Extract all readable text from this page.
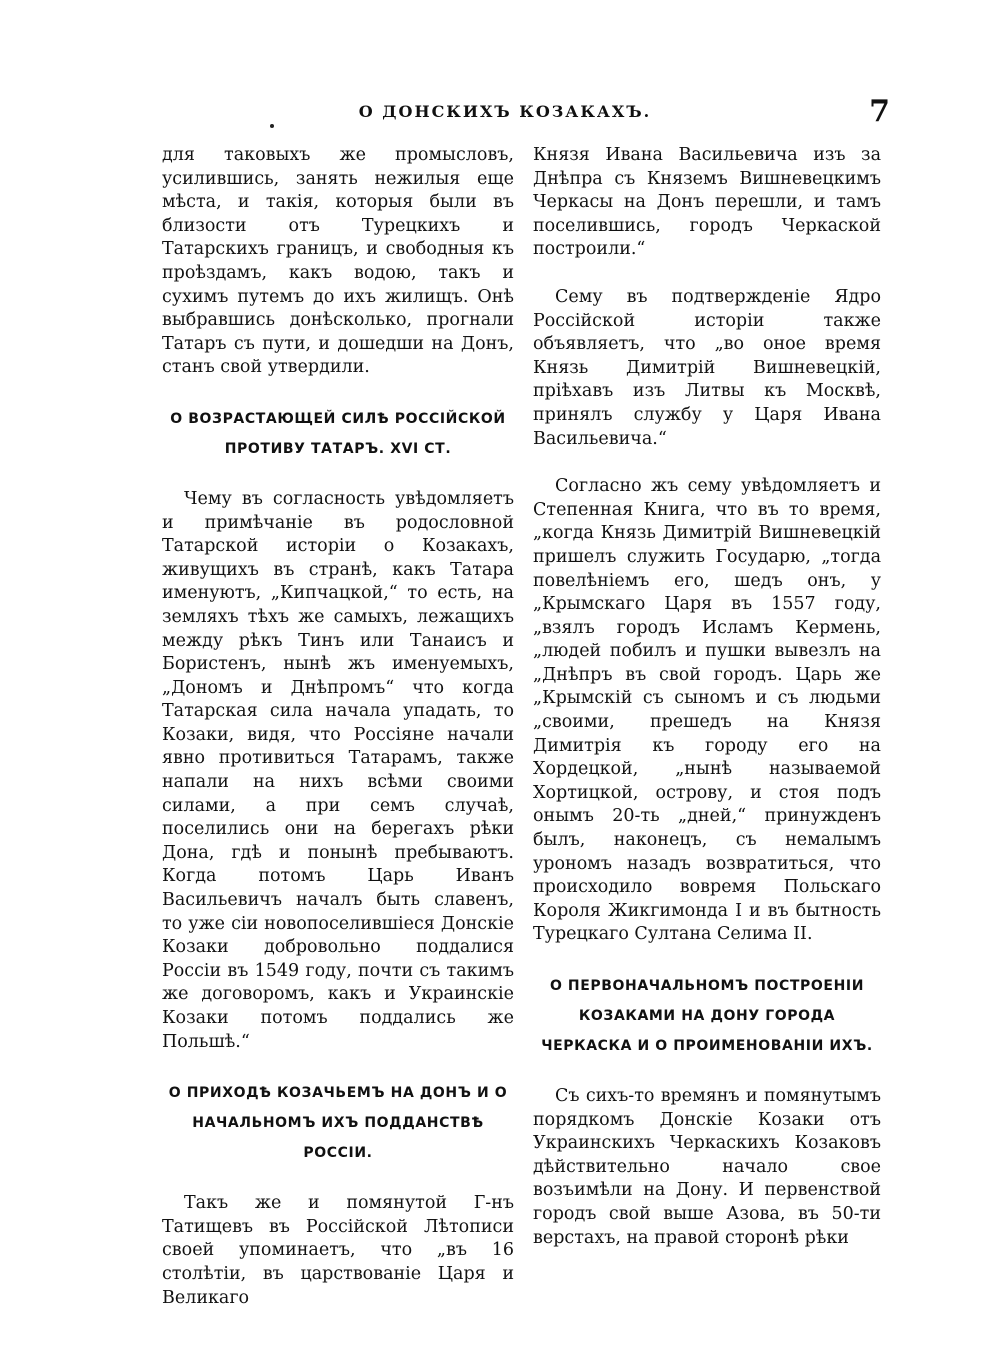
О ДОНСКИХЪ КОЗАКАХЪ.	7

для таковыхъ же промысловъ, усилившись, занять нежилыя еще мѣста, и такія, которыя были въ близости отъ Турецкихъ и Татарскихъ границъ, и свободныя къ проѣздамъ, какъ водою, такъ и сухимъ путемъ до ихъ жилищъ. Онѣ выбравшись донѣсколько, прогнали Татаръ съ пути, и дошедши на Донъ, станъ свой утвердили.

О ВОЗРАСТАЮЩЕЙ СИЛѢ РОССІЙСКОЙ ПРОТИВУ ТАТАРЪ. XVI СТ.

Чему въ согласность увѣдомляетъ и примѣчаніе въ родословной Татарской исторіи о Козакахъ, живущихъ въ странѣ, какъ Татара именуютъ, „Кипчацкой,“ то есть, на земляхъ тѣхъ же самыхъ, лежащихъ между рѣкъ Тинъ или Танаисъ и Бористенъ, нынѣ жъ именуемыхъ, „Дономъ и Днѣпромъ“ что когда Татарская сила начала упадать, то Козаки, видя, что Россіяне начали явно противиться Татарамъ, также напали на нихъ всѣми своими силами, а при семъ случаѣ, поселились они на берегахъ рѣки Дона, гдѣ и понынѣ пребываютъ. Когда потомъ Царь Иванъ Васильевичъ началъ быть славенъ, то уже сіи новопоселившіеся Донскіе Козаки добровольно поддалися Россіи въ 1549 году, почти съ такимъ же договоромъ, какъ и Украинскіе Козаки потомъ поддались же Польшѣ.“

О ПРИХОДѢ КОЗАЧЬЕМЪ НА ДОНЪ И О НАЧАЛЬНОМЪ ИХЪ ПОДДАНСТВѢ РОССІИ.

Такъ же и помянутой Г-нъ Татищевъ въ Россійской Лѣтописи своей упоминаетъ, что „въ 16 столѣтіи, въ царствованіе Царя и Великаго

Князя Ивана Васильевича изъ за Днѣпра съ Княземъ Вишневецкимъ Черкасы на Донъ перешли, и тамъ поселившись, городъ Черкаской построили.“

Сему въ подтвержденіе Ядро Россійской исторіи также объявляетъ, что „во оное время Князь Димитрій Вишневецкій, пріѣхавъ изъ Литвы къ Москвѣ, принялъ службу у Царя Ивана Васильевича.“

Согласно жъ сему увѣдомляетъ и Степенная Книга, что въ то время, „когда Князь Димитрій Вишневецкій пришелъ служить Государю, „тогда повелѣніемъ его, шедъ онъ, у „Крымскаго Царя въ 1557 году, „взялъ городъ Исламъ Кермень, „людей побилъ и пушки вывезлъ на „Днѣпръ въ свой городъ. Царь же „Крымскій съ сыномъ и съ людьми „своими, прешедъ на Князя Димитрія къ городу его на Хордецкой, „нынѣ называемой Хортицкой, острову, и стоя подъ онымъ 20-ть „дней,“ принужденъ былъ, наконецъ, съ немалымъ урономъ назадъ возвратиться, что происходило вовремя Польскаго Короля Жикгимонда I и въ бытность Турецкаго Султана Селима II.

О ПЕРВОНАЧАЛЬНОМЪ ПОСТРОЕНІИ КОЗАКАМИ НА ДОНУ ГОРОДА ЧЕРКАСКА И О ПРОИМЕНОВАНІИ ИХЪ.

Съ сихъ-то времянъ и помянутымъ порядкомъ Донскіе Козаки отъ Украинскихъ Черкаскихъ Козаковъ дѣйствительно начало свое возъимѣли на Дону. И первенствой городъ свой выше Азова, въ 50-ти верстахъ, на правой сторонѣ рѣки
